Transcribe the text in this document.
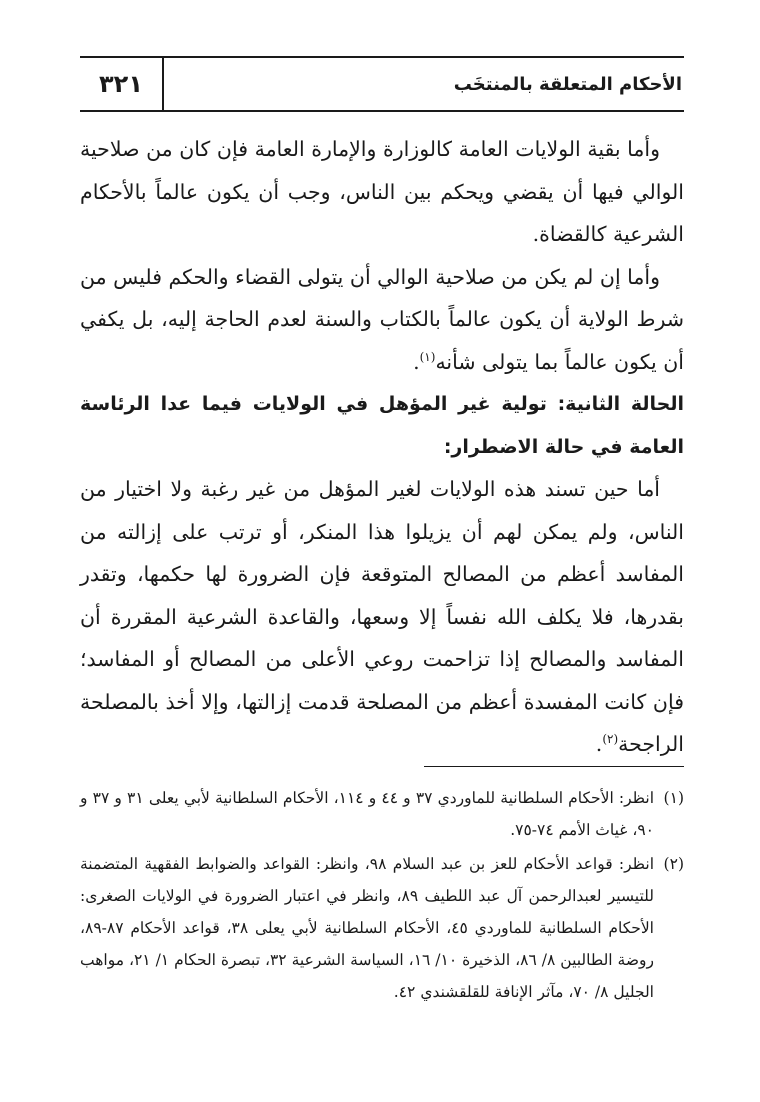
٣٢١	الأحكام المتعلقة بالمنتخَب

وأما بقية الولايات العامة كالوزارة والإمارة العامة فإن كان من صلاحية الوالي فيها أن يقضي ويحكم بين الناس، وجب أن يكون عالماً بالأحكام الشرعية كالقضاة.

وأما إن لم يكن من صلاحية الوالي أن يتولى القضاء والحكم فليس من شرط الولاية أن يكون عالماً بالكتاب والسنة لعدم الحاجة إليه، بل يكفي أن يكون عالماً بما يتولى شأنه$^{(١)}$.

الحالة الثانية: تولية غير المؤهل في الولايات فيما عدا الرئاسة العامة في حالة الاضطرار:

أما حين تسند هذه الولايات لغير المؤهل من غير رغبة ولا اختيار من الناس، ولم يمكن لهم أن يزيلوا هذا المنكر، أو ترتب على إزالته من المفاسد أعظم من المصالح المتوقعة فإن الضرورة لها حكمها، وتقدر بقدرها، فلا يكلف الله نفساً إلا وسعها، والقاعدة الشرعية المقررة أن المفاسد والمصالح إذا تزاحمت روعي الأعلى من المصالح أو المفاسد؛ فإن كانت المفسدة أعظم من المصلحة قدمت إزالتها، وإلا أخذ بالمصلحة الراجحة$^{(٢)}$.

(١)
انظر: الأحكام السلطانية للماوردي ٣٧ و ٤٤ و ١١٤، الأحكام السلطانية لأبي يعلى ٣١ و ٣٧ و ٩٠، غياث الأمم ٧٤-٧٥.

(٢)
انظر: قواعد الأحكام للعز بن عبد السلام ٩٨، وانظر: القواعد والضوابط الفقهية المتضمنة للتيسير لعبدالرحمن آل عبد اللطيف ٨٩، وانظر في اعتبار الضرورة في الولايات الصغرى: الأحكام السلطانية للماوردي ٤٥، الأحكام السلطانية لأبي يعلى ٣٨، قواعد الأحكام ٨٧-٨٩، روضة الطالبين ٨/ ٨٦، الذخيرة ١٠/ ١٦، السياسة الشرعية ٣٢، تبصرة الحكام ١/ ٢١، مواهب الجليل ٨/ ٧٠، مآثر الإنافة للقلقشندي ٤٢.
